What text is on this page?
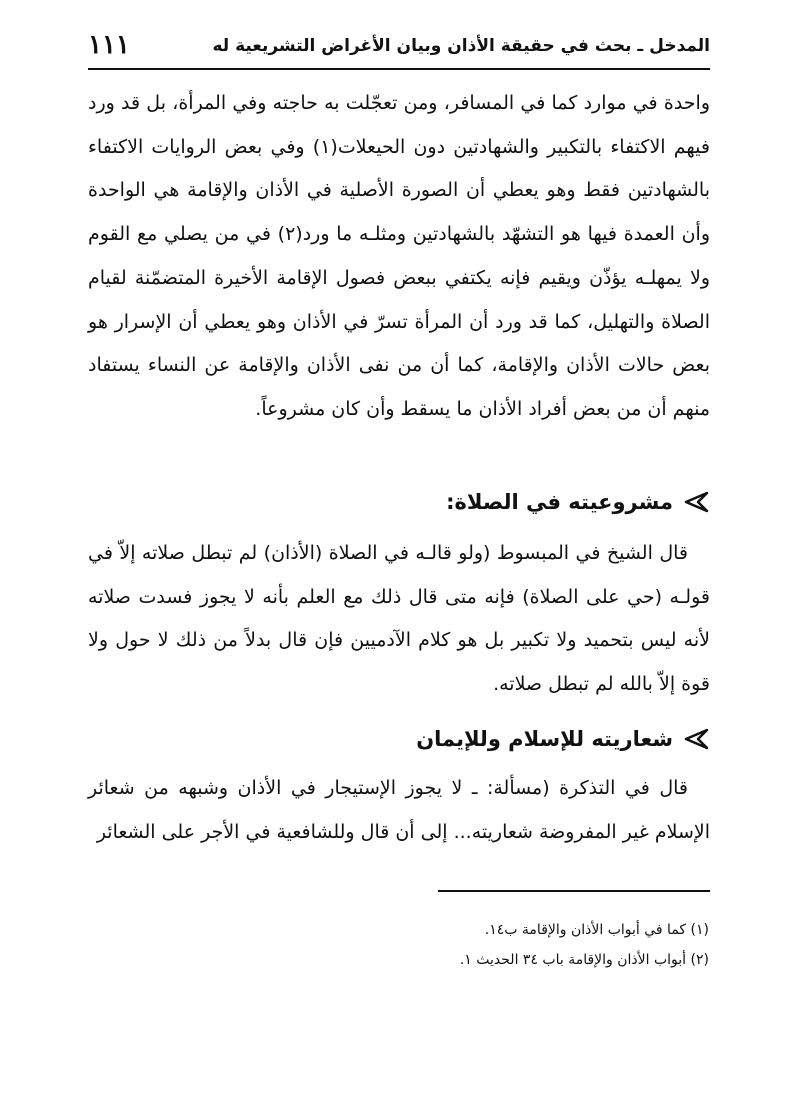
المدخل ـ بحث في حقيقة الأذان وبيان الأغراض التشريعية له
١١١

واحدة في موارد كما في المسافر، ومن تعجّلت به حاجته وفي المرأة، بل قد ورد فيهم الاكتفاء بالتكبير والشهادتين دون الحيعلات(١) وفي بعض الروايات الاكتفاء بالشهادتين فقط وهو يعطي أن الصورة الأصلية في الأذان والإقامة هي الواحدة وأن العمدة فيها هو التشهّد بالشهادتين ومثلـه ما ورد(٢) في من يصلي مع القوم ولا يمهلـه يؤذّن ويقيم فإنه يكتفي ببعض فصول الإقامة الأخيرة المتضمّنة لقيام الصلاة والتهليل، كما قد ورد أن المرأة تسرّ في الأذان وهو يعطي أن الإسرار هو بعض حالات الأذان والإقامة، كما أن من نفى الأذان والإقامة عن النساء يستفاد منهم أن من بعض أفراد الأذان ما يسقط وأن كان مشروعاً.

مشروعيته في الصلاة:

قال الشيخ في المبسوط (ولو قالـه في الصلاة (الأذان) لم تبطل صلاته إلاّ في قولـه (حي على الصلاة) فإنه متى قال ذلك مع العلم بأنه لا يجوز فسدت صلاته لأنه ليس بتحميد ولا تكبير بل هو كلام الآدميين فإن قال بدلاً من ذلك لا حول ولا قوة إلاّ بالله لم تبطل صلاته.

شعاريته للإسلام وللإيمان

قال في التذكرة (مسألة: ـ لا يجوز الإستيجار في الأذان وشبهه من شعائر الإسلام غير المفروضة شعاريته... إلى أن قال وللشافعية في الأجر على الشعائر

(١) كما في أبواب الأذان والإقامة ب١٤.

(٢) أبواب الأذان والإقامة باب ٣٤ الحديث ١.
